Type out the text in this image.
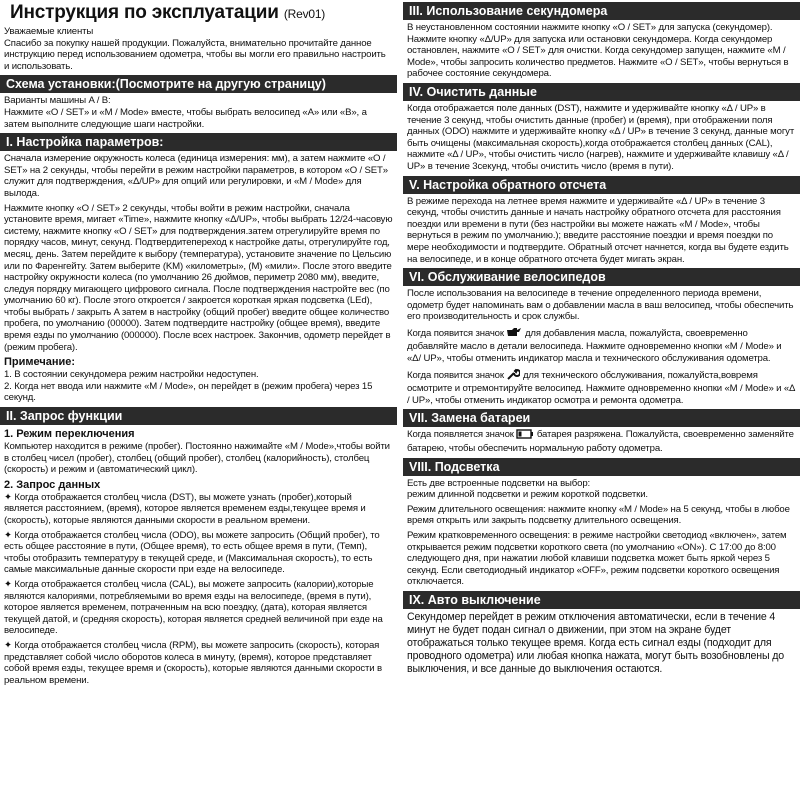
Инструкция по эксплуатации (Rev01)
Уважаемые клиенты
Спасибо за покупку нашей продукции. Пожалуйста, внимательно прочитайте данное инструкцию перед использованием одометра, чтобы вы могли его правильно настроить и использовать.
Схема установки:(Посмотрите на другую страницу)
Варианты машины A / B:
Нажмите «O / SET» и «M / Mode» вместе, чтобы выбрать велосипед «A» или «B», а затем выполните следующие шаги настройки.
I. Настройка параметров:
Сначала измерение окружность колеса (единица измерения: мм), а затем нажмите «O / SET» на 2 секунды, чтобы перейти в режим настройки параметров, в котором «O / SET» служит для подтверждения, «Δ/UP» для опций или регулировки, и «M / Mode» для вылода.
Нажмите кнопку «O / SET» 2 секунды, чтобы войти в режим настройки, сначала установите время, мигает «Time», нажмите кнопку «Δ/UP», чтобы выбрать 12/24-часовую систему, нажмите кнопку «O / SET» для подтверждения.затем отрегулируйте время по порядку часов, минут, секунд. Подтвердитепереход к настройке даты, отрегулируйте год, месяц, день. Затем перейдите к выбору (температура), установите значение по Цельсию или по Фаренгейту. Затем выберите (KM) «километры», (M) «мили». После этого введите настройку окружности колеса (по умолчанию 26 дюймов, периметр 2080 мм), введите, следуя порядку мигающего цифрового сигнала. После подтверждения настройте вес (по умолчанию 60 кг). После этого откроется / закроется короткая яркая подсветка (LEd), чтобы выбрать / закрыть A затем в настройку (общий пробег) введите общее количество пробега, по умолчанию (00000). Затем подтвердите настройку (общее время), введите время езды по умолчанию (000000). После всех настроек. Закончив, одометр перейдет в (режим пробега).
Примечание:
1. В состоянии секундомера режим настройки недоступен.
2. Когда нет ввода или нажмите «M / Mode», он перейдет в (режим пробега) через 15 секунд.
II. Запрос функции
1. Режим переключения
Компьютер находится в режиме (пробег). Постоянно нажимайте «M / Mode»,чтобы войти в столбец чисел (пробег), столбец (общий пробег), столбец (калорийность), столбец (скорость) и режим и (автоматический цикл).
2. Запрос данных
✦ Когда отображается столбец числа (DST), вы можете узнать (пробег),который является расстоянием, (время), которое является временем езды,текущее время и (скорость), которые являются данными скорости в реальном времени.
✦ Когда отображается столбец числа (ODO), вы можете запросить (Общий пробег), то есть общее расстояние в пути, (Общее время), то есть общее время в пути, (Темп), чтобы отобразить температуру в текущей среде, и (Максимальная скорость), то есть самые максимальные данные скорости при езде на велосипеде.
✦ Когда отображается столбец числа (CAL), вы можете запросить (калории),которые являются калориями, потребляемыми во время езды на велосипеде, (время в пути), которое является временем, потраченным на всю поездку, (дата), которая является текущей датой, и (средняя скорость), которая является средней величиной при езде на велосипеде.
✦ Когда отображается столбец числа (RPM), вы можете запросить (скорость), которая представляет собой число оборотов колеса в минуту, (время), которое представляет собой время езды, текущее время и (скорость), которые являются данными скорости в реальном времени.
III. Использование секундомера
В неустановленном состоянии нажмите кнопку «O / SET» для запуска (секундомер). Нажмите кнопку «Δ/UP» для запуска или остановки секундомера. Когда секундомер остановлен, нажмите «O / SET» для очистки. Когда секундомер запущен, нажмите «M / Mode», чтобы запросить количество предметов. Нажмите «O / SET», чтобы вернуться в рабочее состояние секундомера.
IV. Очистить данные
Когда отображается поле данных (DST), нажмите и удерживайте кнопку «Δ / UP» в течение 3 секунд, чтобы очистить данные (пробег) и (время), при отображении поля данных (ODO) нажмите и удерживайте кнопку «Δ / UP» в течение 3 секунд, данные могут быть очищены (максимальная скорость),когда отображается столбец данных (CAL), нажмите «Δ / UP», чтобы очистить число (нагрев), нажмите и удерживайте клавишу «Δ / UP» в течение 3секунд, чтобы очистить число (время в пути).
V. Настройка обратного отсчета
В режиме перехода на летнее время нажмите и удерживайте «Δ / UP» в течение 3 секунд, чтобы очистить данные и начать настройку обратного отсчета для расстояния поездки или времени в пути (без настройки вы можете нажать «M / Mode», чтобы вернуться в режим по умолчанию.); введите расстояние поездки и время поездки по мере необходимости и подтвердите. Обратный отсчет начнется, когда вы будете ездить на велосипеде, и в конце обратного отсчета будет мигать экран.
VI. Обслуживание велосипедов
После использования на велосипеде в течение определенного периода времени, одометр будет напоминать вам о добавлении масла в ваш велосипед, чтобы обеспечить его производительность и срок службы.
Когда появится значок для добавления масла, пожалуйста, своевременно добавляйте масло в детали велосипеда. Нажмите одновременно кнопки «M / Mode» и «Δ/ UP», чтобы отменить индикатор масла и технического обслуживания одометра.
Когда появится значок для технического обслуживания, пожалуйста,вовремя осмотрите и отремонтируйте велосипед. Нажмите одновременно кнопки «M / Mode» и «Δ / UP», чтобы отменить индикатор осмотра и ремонта одометра.
VII. Замена батареи
Когда появляется значок батарея разряжена. Пожалуйста, своевременно заменяйте батарею, чтобы обеспечить нормальную работу одометра.
VIII. Подсветка
Есть две встроенные подсветки на выбор:
режим длинной подсветки и режим короткой подсветки.
Режим длительного освещения: нажмите кнопку «M / Mode» на 5 секунд, чтобы в любое время открыть или закрыть подсветку длительного освещения.
Режим кратковременного освещения: в режиме настройки светодиод «включен», затем открывается режим подсветки короткого света (по умолчанию «ON»). С 17:00 до 8:00 следующего дня, при нажатии любой клавиши подсветка может быть яркой через 5 секунд. Если светодиодный индикатор «OFF», режим подсветки короткого освещения отключается.
IX. Авто выключение
Секундомер перейдет в режим отключения автоматически, если в течение 4 минут не будет подан сигнал о движении, при этом на экране будет отображаться только текущее время. Когда есть сигнал езды (подходит для проводного одометра) или любая кнопка нажата, могут быть возобновлены до выключения, и все данные до выключения остаются.
